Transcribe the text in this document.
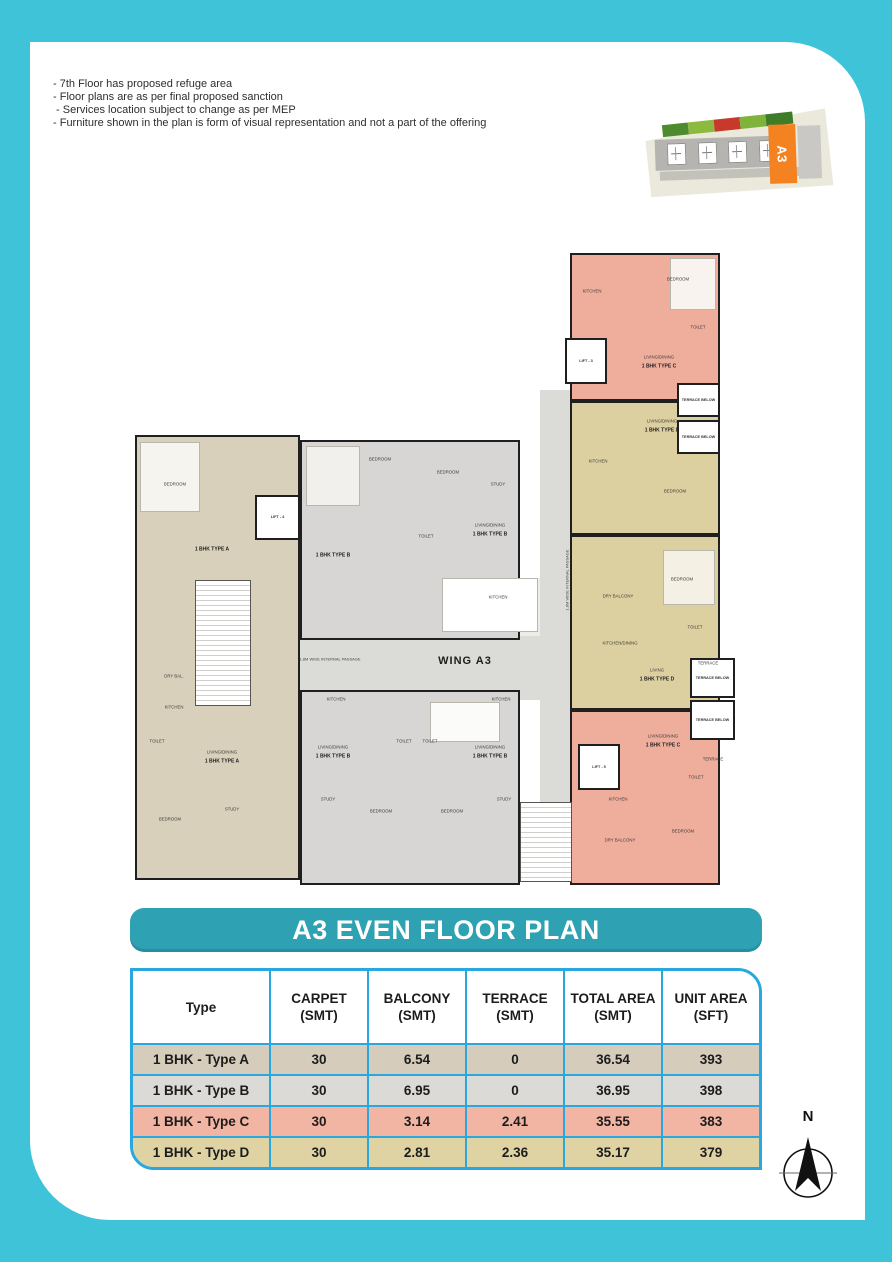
- 7th Floor has proposed refuge area
- Floor plans are as per final proposed sanction
- Services location subject to change as per MEP
- Furniture shown in the plan is form of visual representation and not a part of the offering
A3
LIFT - 3
LIFT - 4
LIFT - 5
TERRACE BELOW
TERRACE BELOW
TERRACE BELOW
TERRACE BELOW
BEDROOM
1 BHK TYPE A
DRY BAL.
KITCHEN
TOILET
LIVING/DINING
1 BHK TYPE A
STUDY
BEDROOM
BEDROOM
BEDROOM
STUDY
TOILET
LIVING/DINING
1 BHK TYPE B
1 BHK TYPE B
KITCHEN
KITCHEN	KITCHEN
TOILET	TOILET
LIVING/DINING
1 BHK TYPE B
LIVING/DINING
1 BHK TYPE B
STUDY	STUDY
BEDROOM	BEDROOM
KITCHEN
BEDROOM
TOILET
LIVING/DINING
1 BHK TYPE C
KITCHEN
LIVING/DINING
1 BHK TYPE D
BEDROOM
BEDROOM
DRY BALCONY
TOILET
KITCHEN/DINING
TERRACE
LIVING
1 BHK TYPE D
LIVING/DINING
1 BHK TYPE C
TERRACE
TOILET
KITCHEN
BEDROOM
DRY BALCONY
1.8M WIDE INTERNAL PASSAGE
1.8M WIDE INTERNAL PASSAGE
WING A3
A3 EVEN FLOOR PLAN
Type
CARPET
(SMT)
BALCONY
(SMT)
TERRACE
(SMT)
TOTAL AREA
(SMT)
UNIT AREA
(SFT)
1 BHK - Type A	30	6.54	0	36.54	393
1 BHK - Type B	30	6.95	0	36.95	398
1 BHK - Type C	30	3.14	2.41	35.55	383
1 BHK - Type D	30	2.81	2.36	35.17	379
N
